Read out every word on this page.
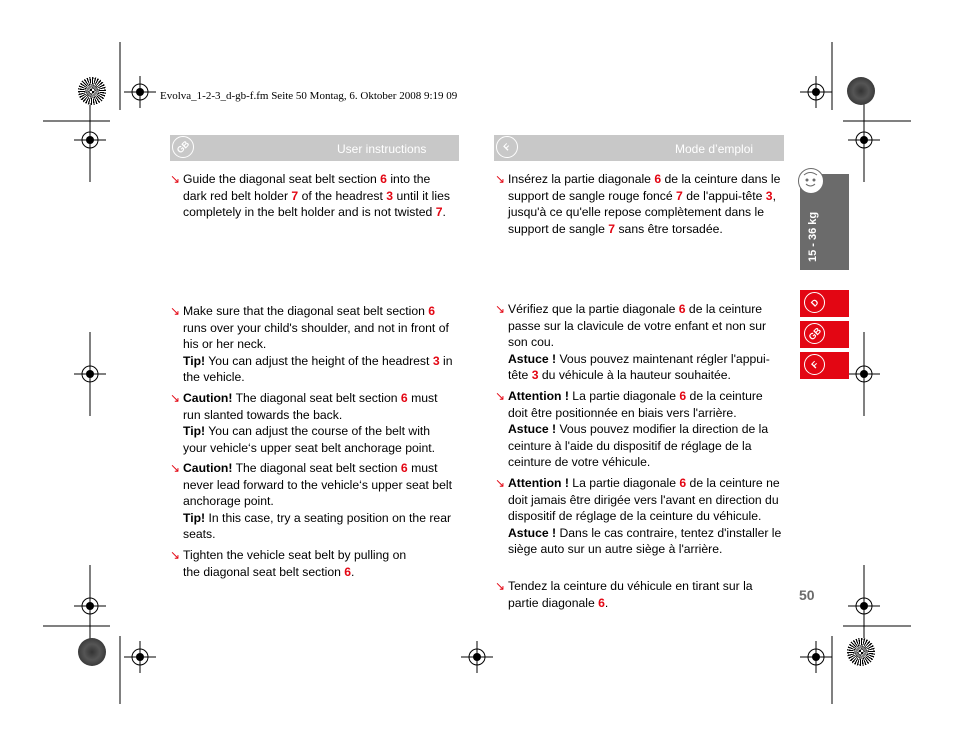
Evolva_1-2-3_d-gb-f.fm Seite 50 Montag, 6. Oktober 2008 9:19 09
GB	User instructions	F	Mode d’emploi
15 - 36 kg
D
GB
F
50
↘ Guide the diagonal seat belt section 6 into the dark red belt holder 7 of the headrest 3 until it lies completely in the belt holder and is not twisted 7.
↘ Make sure that the diagonal seat belt section 6 runs over your child's shoulder, and not in front of his or her neck.
Tip! You can adjust the height of the headrest 3 in the vehicle.
↘ Caution! The diagonal seat belt section 6 must run slanted towards the back.
Tip! You can adjust the course of the belt with your vehicle‘s upper seat belt anchorage point.
↘ Caution! The diagonal seat belt section 6 must never lead forward to the vehicle‘s upper seat belt anchorage point.
Tip! In this case, try a seating position on the rear seats.
↘ Tighten the vehicle seat belt by pulling on the diagonal seat belt section 6.
↘ Insérez la partie diagonale 6 de la ceinture dans le support de sangle rouge foncé 7 de l'appui-tête 3, jusqu'à ce qu'elle repose complètement dans le support de sangle 7 sans être torsadée.
↘ Vérifiez que la partie diagonale 6 de la ceinture passe sur la clavicule de votre enfant et non sur son cou.
Astuce ! Vous pouvez maintenant régler l'appui-tête 3 du véhicule à la hauteur souhaitée.
↘ Attention ! La partie diagonale 6 de la ceinture doit être positionnée en biais vers l'arrière.
Astuce ! Vous pouvez modifier la direction de la ceinture à l'aide du dispositif de réglage de la ceinture de votre véhicule.
↘ Attention ! La partie diagonale 6 de la ceinture ne doit jamais être dirigée vers l'avant en direction du dispositif de réglage de la ceinture du véhicule.
Astuce ! Dans le cas contraire, tentez d'installer le siège auto sur un autre siège à l'arrière.
↘ Tendez la ceinture du véhicule en tirant sur la partie diagonale 6.
